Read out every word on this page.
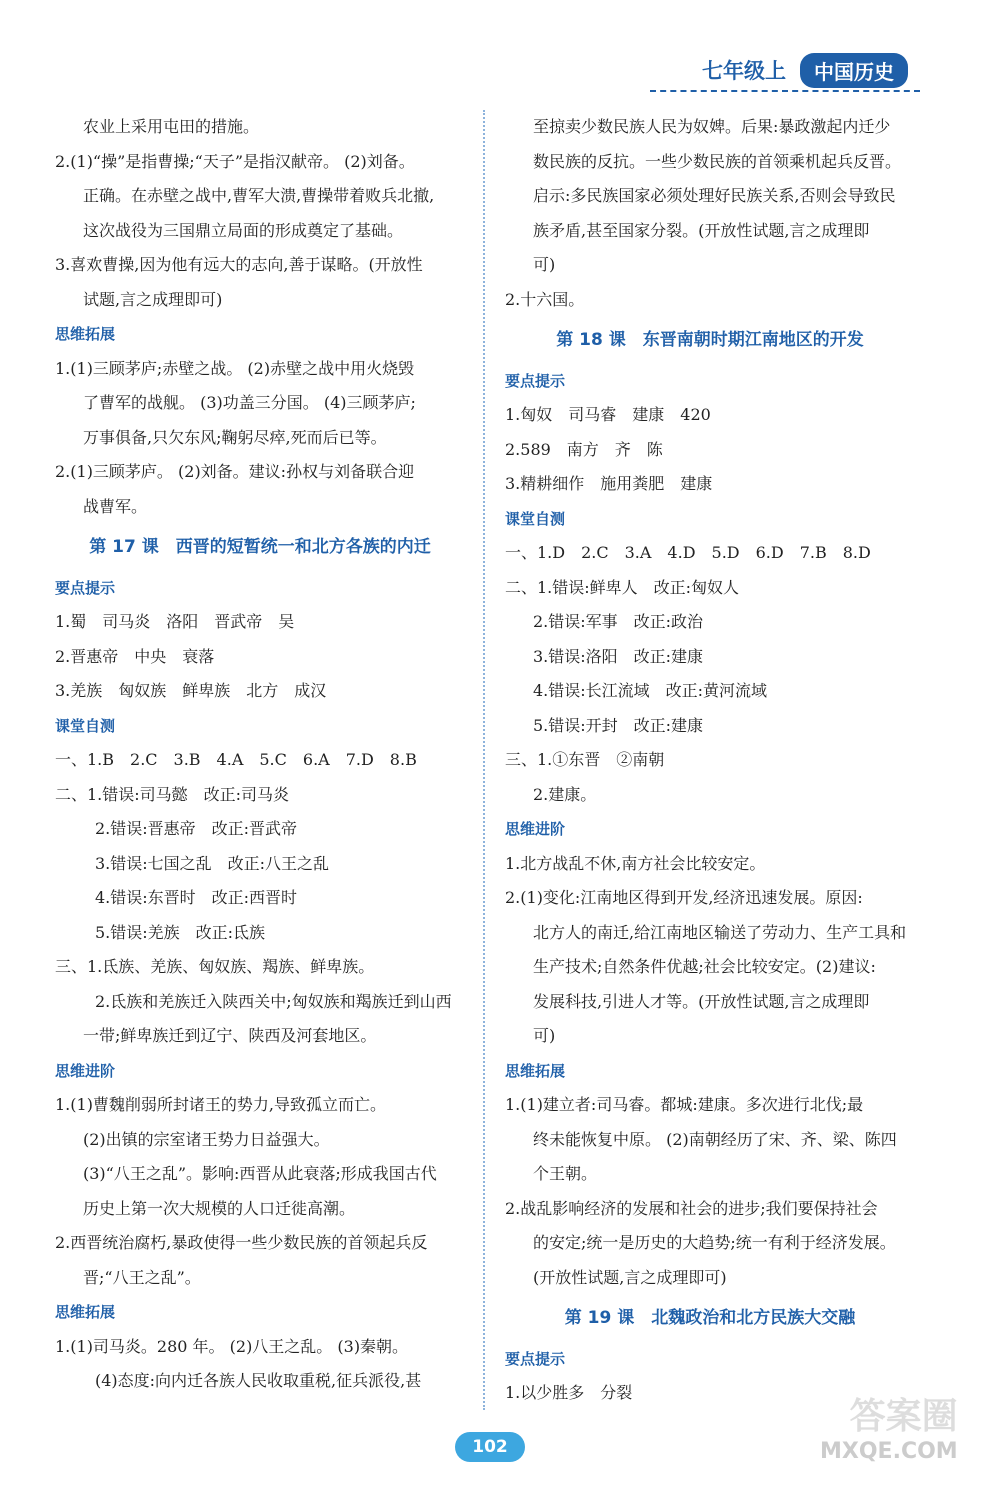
七年级上	中国历史
农业上采用屯田的措施。
2.(1)“操”是指曹操;“天子”是指汉献帝。 (2)刘备。
正确。在赤壁之战中,曹军大溃,曹操带着败兵北撤,
这次战役为三国鼎立局面的形成奠定了基础。
3.喜欢曹操,因为他有远大的志向,善于谋略。(开放性
试题,言之成理即可)
思维拓展
1.(1)三顾茅庐;赤壁之战。 (2)赤壁之战中用火烧毁
了曹军的战舰。 (3)功盖三分国。 (4)三顾茅庐;
万事俱备,只欠东风;鞠躬尽瘁,死而后已等。
2.(1)三顾茅庐。 (2)刘备。建议:孙权与刘备联合迎
战曹军。
第 17 课　西晋的短暂统一和北方各族的内迁
要点提示
1.蜀　司马炎　洛阳　晋武帝　吴
2.晋惠帝　中央　衰落
3.羌族　匈奴族　鲜卑族　北方　成汉
课堂自测
一、1.B　2.C　3.B　4.A　5.C　6.A　7.D　8.B
二、1.错误:司马懿　改正:司马炎
2.错误:晋惠帝　改正:晋武帝
3.错误:七国之乱　改正:八王之乱
4.错误:东晋时　改正:西晋时
5.错误:羌族　改正:氐族
三、1.氐族、羌族、匈奴族、羯族、鲜卑族。
2.氐族和羌族迁入陕西关中;匈奴族和羯族迁到山西
一带;鲜卑族迁到辽宁、陕西及河套地区。
思维进阶
1.(1)曹魏削弱所封诸王的势力,导致孤立而亡。
(2)出镇的宗室诸王势力日益强大。
(3)“八王之乱”。影响:西晋从此衰落;形成我国古代
历史上第一次大规模的人口迁徙高潮。
2.西晋统治腐朽,暴政使得一些少数民族的首领起兵反
晋;“八王之乱”。
思维拓展
1.(1)司马炎。280 年。 (2)八王之乱。 (3)秦朝。
(4)态度:向内迁各族人民收取重税,征兵派役,甚
至掠卖少数民族人民为奴婢。后果:暴政激起内迁少
数民族的反抗。一些少数民族的首领乘机起兵反晋。
启示:多民族国家必须处理好民族关系,否则会导致民
族矛盾,甚至国家分裂。(开放性试题,言之成理即
可)
2.十六国。
第 18 课　东晋南朝时期江南地区的开发
要点提示
1.匈奴　司马睿　建康　420
2.589　南方　齐　陈
3.精耕细作　施用粪肥　建康
课堂自测
一、1.D　2.C　3.A　4.D　5.D　6.D　7.B　8.D
二、1.错误:鲜卑人　改正:匈奴人
2.错误:军事　改正:政治
3.错误:洛阳　改正:建康
4.错误:长江流域　改正:黄河流域
5.错误:开封　改正:建康
三、1.①东晋　②南朝
2.建康。
思维进阶
1.北方战乱不休,南方社会比较安定。
2.(1)变化:江南地区得到开发,经济迅速发展。原因:
北方人的南迁,给江南地区输送了劳动力、生产工具和
生产技术;自然条件优越;社会比较安定。(2)建议:
发展科技,引进人才等。(开放性试题,言之成理即
可)
思维拓展
1.(1)建立者:司马睿。都城:建康。多次进行北伐;最
终未能恢复中原。 (2)南朝经历了宋、齐、梁、陈四
个王朝。
2.战乱影响经济的发展和社会的进步;我们要保持社会
的安定;统一是历史的大趋势;统一有利于经济发展。
(开放性试题,言之成理即可)
第 19 课　北魏政治和北方民族大交融
要点提示
1.以少胜多　分裂
102
答案圈
MXQE.COM
